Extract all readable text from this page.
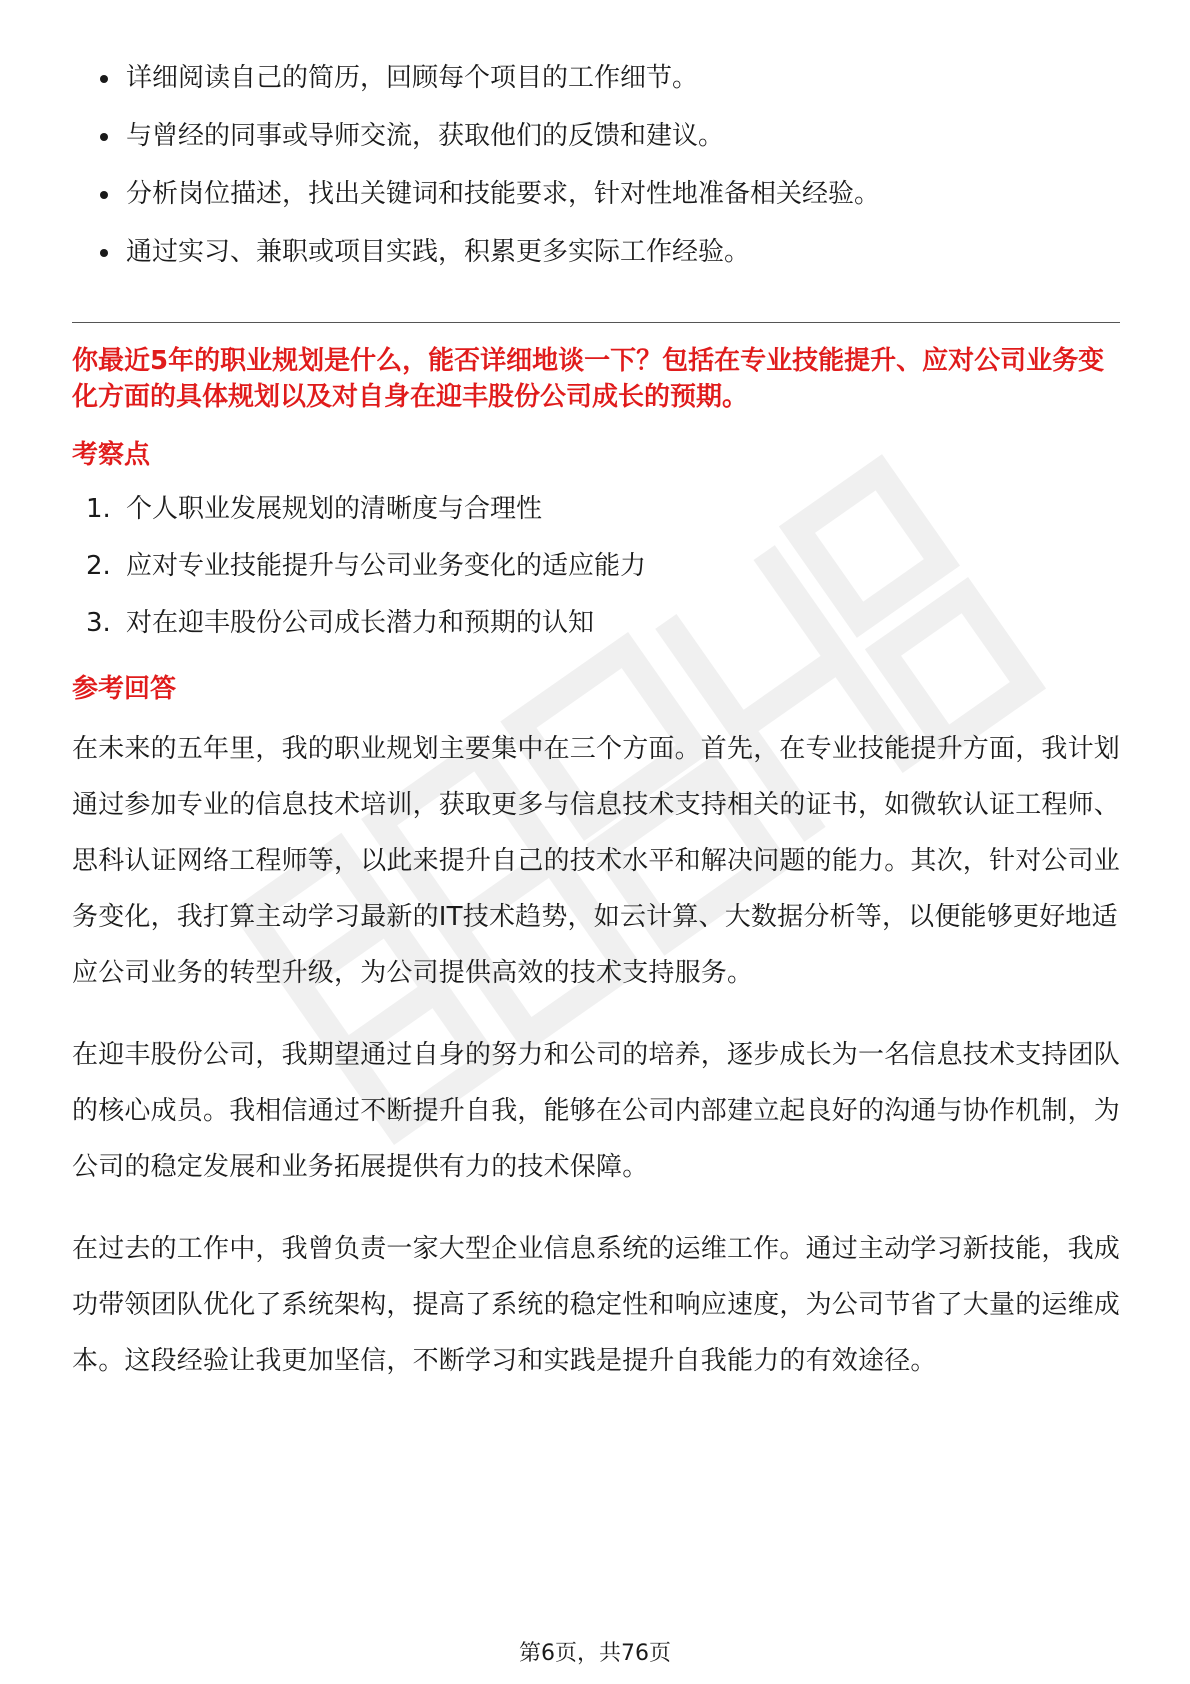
详细阅读自己的简历，回顾每个项目的工作细节。
与曾经的同事或导师交流，获取他们的反馈和建议。
分析岗位描述，找出关键词和技能要求，针对性地准备相关经验。
通过实习、兼职或项目实践，积累更多实际工作经验。

你最近5年的职业规划是什么，能否详细地谈一下？包括在专业技能提升、应对公司业务变化方面的具体规划以及对自身在迎丰股份公司成长的预期。

考察点
1. 个人职业发展规划的清晰度与合理性
2. 应对专业技能提升与公司业务变化的适应能力
3. 对在迎丰股份公司成长潜力和预期的认知
参考回答

在未来的五年里，我的职业规划主要集中在三个方面。首先，在专业技能提升方面，我计划通过参加专业的信息技术培训，获取更多与信息技术支持相关的证书，如微软认证工程师、思科认证网络工程师等，以此来提升自己的技术水平和解决问题的能力。其次，针对公司业务变化，我打算主动学习最新的IT技术趋势，如云计算、大数据分析等，以便能够更好地适应公司业务的转型升级，为公司提供高效的技术支持服务。

在迎丰股份公司，我期望通过自身的努力和公司的培养，逐步成长为一名信息技术支持团队的核心成员。我相信通过不断提升自我，能够在公司内部建立起良好的沟通与协作机制，为公司的稳定发展和业务拓展提供有力的技术保障。

在过去的工作中，我曾负责一家大型企业信息系统的运维工作。通过主动学习新技能，我成功带领团队优化了系统架构，提高了系统的稳定性和响应速度，为公司节省了大量的运维成本。这段经验让我更加坚信，不断学习和实践是提升自我能力的有效途径。

第6页，共76页
